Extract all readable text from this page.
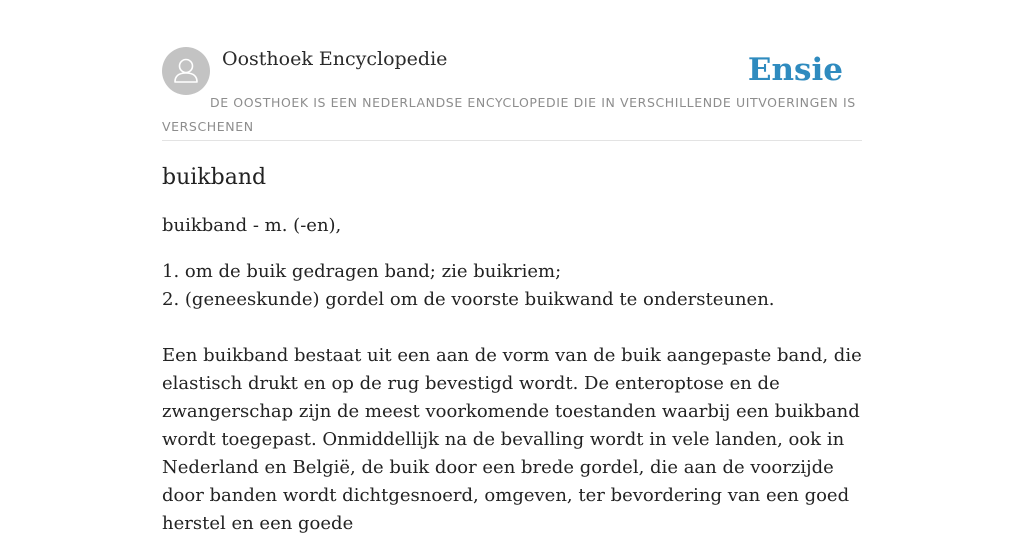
Oosthoek Encyclopedie	Ensie
DE OOSTHOEK IS EEN NEDERLANDSE ENCYCLOPEDIE DIE IN VERSCHILLENDE UITVOERINGEN IS VERSCHENEN
buikband

buikband - m. (-en),

1. om de buik gedragen band; zie buikriem;
2. (geneeskunde) gordel om de voorste buikwand te ondersteunen.

Een buikband bestaat uit een aan de vorm van de buik aangepaste band, die elastisch drukt en op de rug bevestigd wordt. De enteroptose en de zwangerschap zijn de meest voorkomende toestanden waarbij een buikband wordt toegepast. Onmiddellijk na de bevalling wordt in vele landen, ook in Nederland en België, de buik door een brede gordel, die aan de voorzijde door banden wordt dichtgesnoerd, omgeven, ter bevordering van een goed herstel en een goede
